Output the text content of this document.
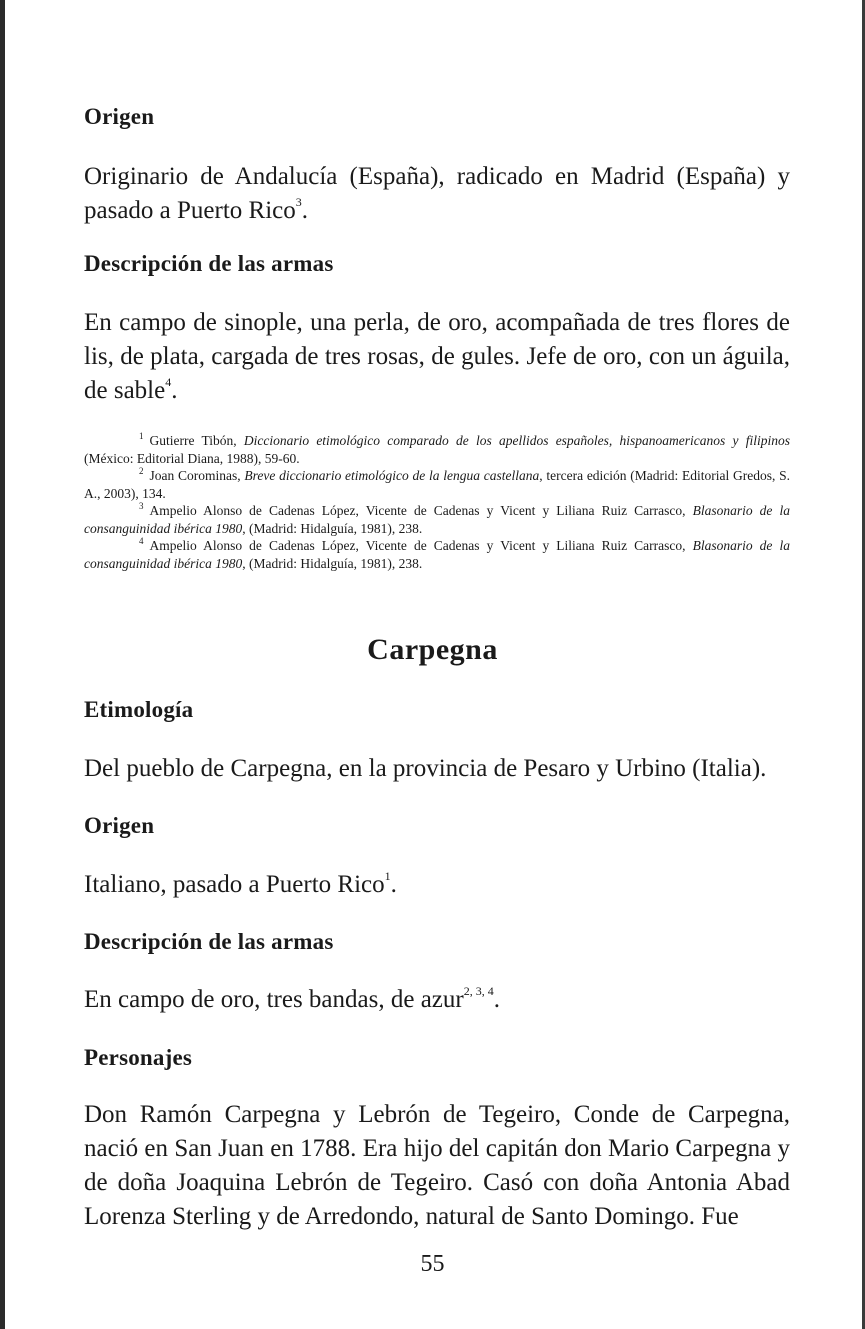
Origen

Originario de Andalucía (España), radicado en Madrid (España) y pasado a Puerto Rico$^3$.

Descripción de las armas

En campo de sinople, una perla, de oro, acompañada de tres flores de lis, de plata, cargada de tres rosas, de gules. Jefe de oro, con un águila, de sable$^4$.

$^1$ Gutierre Tibón, Diccionario etimológico comparado de los apellidos españoles, hispanoamericanos y filipinos (México: Editorial Diana, 1988), 59-60.

$^2$ Joan Corominas, Breve diccionario etimológico de la lengua castellana, tercera edición (Madrid: Editorial Gredos, S. A., 2003), 134.

$^3$ Ampelio Alonso de Cadenas López, Vicente de Cadenas y Vicent y Liliana Ruiz Carrasco, Blasonario de la consanguinidad ibérica 1980, (Madrid: Hidalguía, 1981), 238.

$^4$ Ampelio Alonso de Cadenas López, Vicente de Cadenas y Vicent y Liliana Ruiz Carrasco, Blasonario de la consanguinidad ibérica 1980, (Madrid: Hidalguía, 1981), 238.

Carpegna
Etimología

Del pueblo de Carpegna, en la provincia de Pesaro y Urbino (Italia).

Origen

Italiano, pasado a Puerto Rico$^1$.

Descripción de las armas

En campo de oro, tres bandas, de azur$^{2, 3, 4}$.

Personajes

Don Ramón Carpegna y Lebrón de Tegeiro, Conde de Carpegna, nació en San Juan en 1788. Era hijo del capitán don Mario Carpegna y de doña Joaquina Lebrón de Tegeiro. Casó con doña Antonia Abad Lorenza Sterling y de Arredondo, natural de Santo Domingo. Fue

55
